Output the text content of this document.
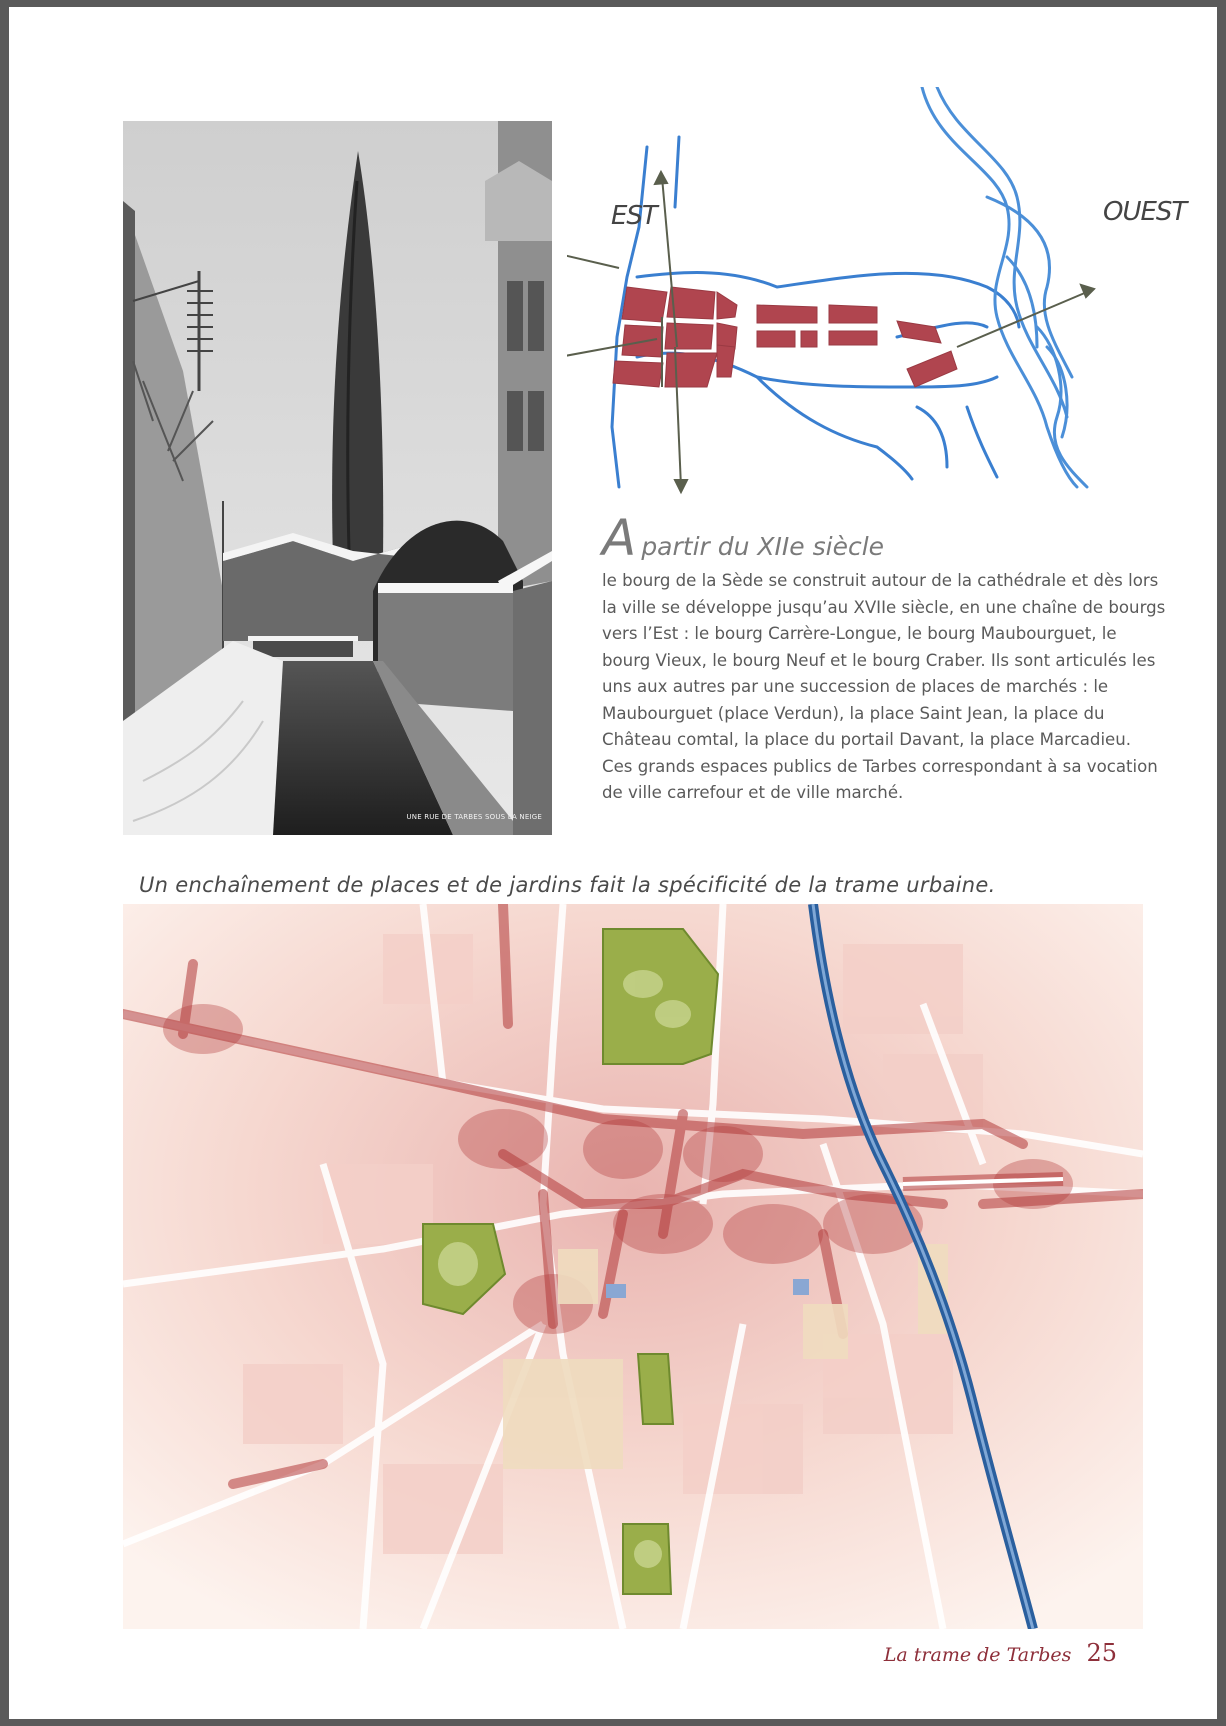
UNE RUE DE TARBES SOUS LA NEIGE
EST	OUEST
A partir du XIIe siècle

le bourg de la Sède se construit autour de la cathédrale et dès lors la ville se développe jusqu’au XVIIe siècle, en une chaîne de bourgs vers l’Est : le bourg Carrère-Longue, le bourg Maubourguet, le bourg Vieux, le bourg Neuf et le bourg Craber. Ils sont articulés les uns aux autres par une succession de places de marchés : le Maubourguet (place Verdun), la place Saint Jean, la place du Château comtal, la place du portail Davant, la place Marcadieu.

Ces grands espaces publics de Tarbes correspondant à sa vocation de ville carrefour et de ville marché.

Un enchaînement de places et de jardins fait la spécificité de la trame urbaine.
La trame de Tarbes 25
